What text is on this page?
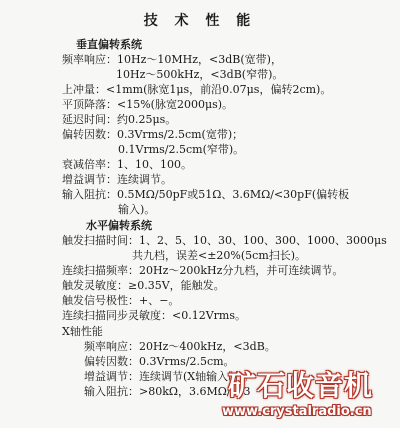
技 术 性 能
垂直偏转系统
频率响应：10Hz～10MHz，<3dB(宽带)，
10Hz～500kHz，<3dB(窄带)。
上冲量：<1mm(脉宽1μs，前沿0.07μs，偏转2cm)。
平顶降落：<15%(脉宽2000μs)。
延迟时间：约0.25μs。
偏转因数：0.3Vrms/2.5cm(宽带)；
0.1Vrms/2.5cm(窄带)。
衰减倍率：1、10、100。
增益调节：连续调节。
输入阻抗：0.5MΩ/50pF或51Ω、3.6MΩ/<30pF(偏转板
输入)。
水平偏转系统
触发扫描时间：1、2、5、10、30、100、300、1000、3000μs
共九档，误差<±20%(5cm扫长)。
连续扫描频率：20Hz～200kHz分九档，并可连续调节。
触发灵敏度：≥0.35V，能触发。
触发信号极性：+、−。
连续扫描同步灵敏度：<0.12Vrms。
X轴性能
频率响应：20Hz～400kHz，<3dB。
偏转因数：0.3Vrms/2.5cm。
增益调节：连续调节(X轴输入时)。
输入阻抗：>80kΩ，3.6MΩ//<3
矿石收音机
www.crystalradio.cn
